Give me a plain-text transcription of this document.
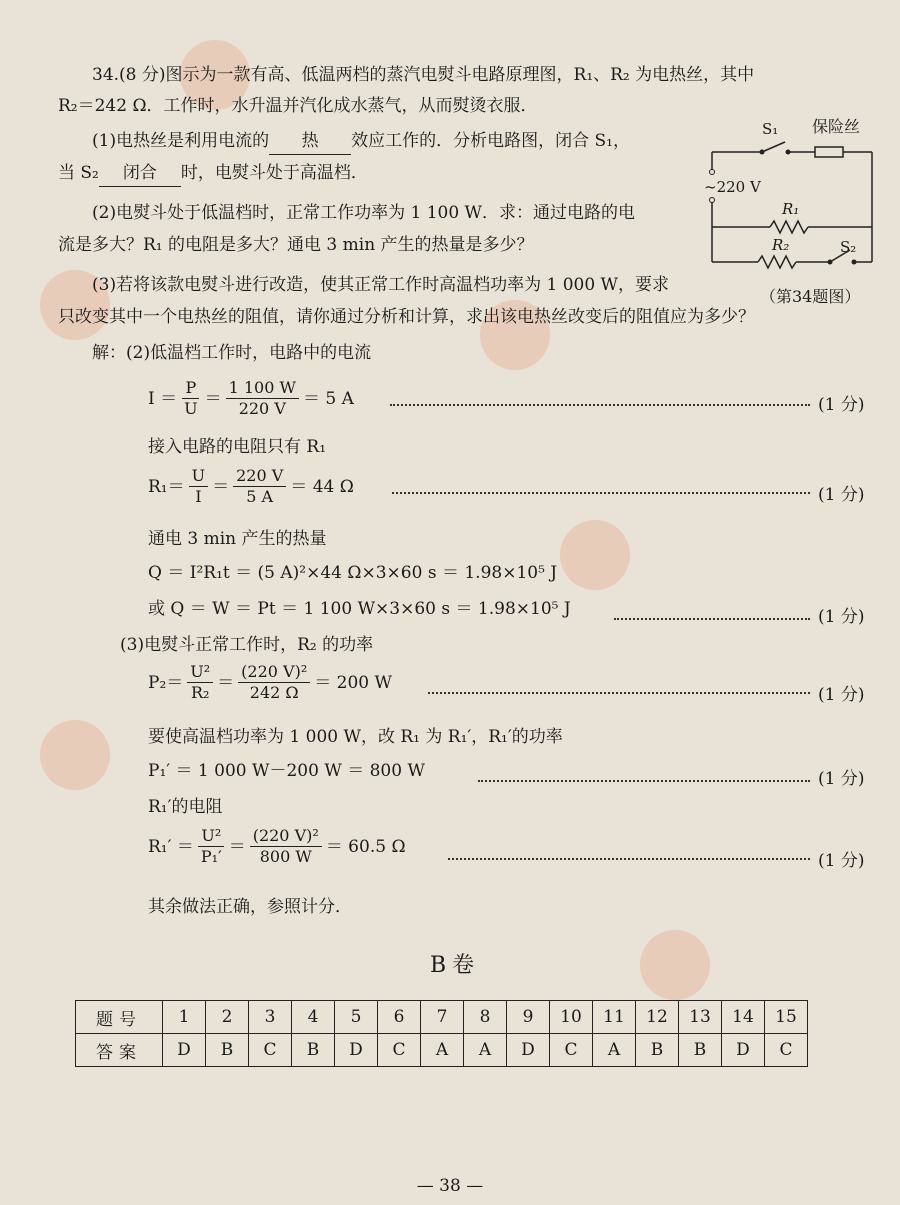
34.(8 分)图示为一款有高、低温两档的蒸汽电熨斗电路原理图，R₁、R₂ 为电热丝，其中
R₂＝242 Ω．工作时，水升温并汽化成水蒸气，从而熨烫衣服．
(1)电热丝是利用电流的 热 效应工作的．分析电路图，闭合 S₁，
当 S₂ 闭合 时，电熨斗处于高温档．
(2)电熨斗处于低温档时，正常工作功率为 1 100 W．求：通过电路的电
流是多大？R₁ 的电阻是多大？通电 3 min 产生的热量是多少？
(3)若将该款电熨斗进行改造，使其正常工作时高温档功率为 1 000 W，要求
只改变其中一个电热丝的阻值，请你通过分析和计算，求出该电热丝改变后的阻值应为多少？
S₁ 保险丝
~220 V
R₁
R₂	S₂
（第34题图）
解：(2)低温档工作时，电路中的电流
$I = \frac{P}{U} = \frac{1 100 W}{220 V} = 5$ A	(1 分)
接入电路的电阻只有 R₁
$R_1= \frac{U}{I} = \frac{220 V}{5 A} = 44$ Ω	(1 分)
通电 3 min 产生的热量
Q ＝ I²R₁t ＝ (5 A)²×44 Ω×3×60 s ＝ 1.98×10⁵ J
或 Q ＝ W ＝ Pt ＝ 1 100 W×3×60 s ＝ 1.98×10⁵ J	(1 分)
(3)电熨斗正常工作时，R₂ 的功率
$P_2= \frac{\text{U²}}{\text{R₂}} = \frac{\text{(220 V)²}}{242 \Omega} = 200$ W
(1 分)
要使高温档功率为 1 000 W，改 R₁ 为 R₁′，R₁′的功率
P₁′ ＝ 1 000 W－200 W ＝ 800 W	(1 分)
R₁′的电阻
$R_1' = \frac{\text{U²}}{\text{P₁′}} = \frac{\text{(220 V)²}}{800 W} = 60.5$ Ω
(1 分)
其余做法正确，参照计分．
B卷
题号	1	2	3	4	5	6	7	8	9	10	11	12	13	14	15
答案	D	B	C	B	D	C	A	A	D	C	A	B	B	D	C
— 38 —
